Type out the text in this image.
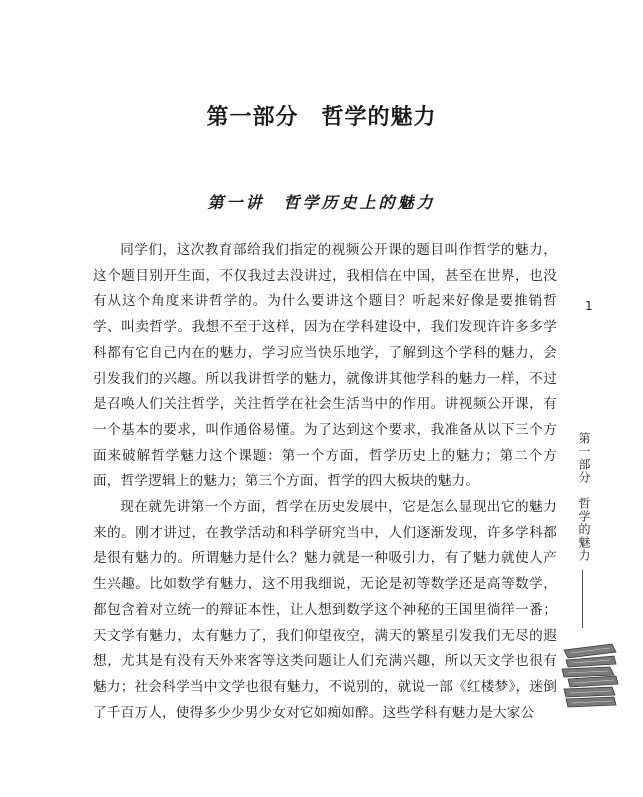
第一部分　哲学的魅力
第一讲　哲学历史上的魅力

同学们，这次教育部给我们指定的视频公开课的题目叫作哲学的魅力，这个题目别开生面，不仅我过去没讲过，我相信在中国，甚至在世界，也没有从这个角度来讲哲学的。为什么要讲这个题目？听起来好像是要推销哲学、叫卖哲学。我想不至于这样，因为在学科建设中，我们发现许许多多学科都有它自己内在的魅力，学习应当快乐地学，了解到这个学科的魅力，会引发我们的兴趣。所以我讲哲学的魅力，就像讲其他学科的魅力一样，不过是召唤人们关注哲学，关注哲学在社会生活当中的作用。讲视频公开课，有一个基本的要求，叫作通俗易懂。为了达到这个要求，我准备从以下三个方面来破解哲学魅力这个课题：第一个方面，哲学历史上的魅力；第二个方面，哲学逻辑上的魅力；第三个方面，哲学的四大板块的魅力。

现在就先讲第一个方面，哲学在历史发展中，它是怎么显现出它的魅力来的。刚才讲过，在教学活动和科学研究当中，人们逐渐发现，许多学科都是很有魅力的。所谓魅力是什么？魅力就是一种吸引力，有了魅力就使人产生兴趣。比如数学有魅力，这不用我细说，无论是初等数学还是高等数学，都包含着对立统一的辩证本性，让人想到数学这个神秘的王国里徜徉一番；天文学有魅力，太有魅力了，我们仰望夜空，满天的繁星引发我们无尽的遐想，尤其是有没有天外来客等这类问题让人们充满兴趣，所以天文学也很有魅力；社会科学当中文学也很有魅力，不说别的，就说一部《红楼梦》，迷倒了千百万人，使得多少少男少女对它如痴如醉。这些学科有魅力是大家公

1
第一部分　哲学的魅力
